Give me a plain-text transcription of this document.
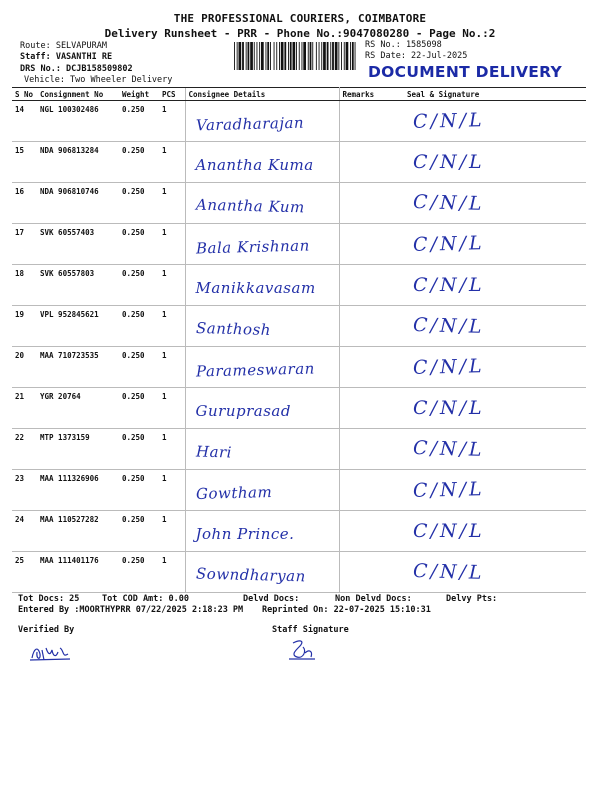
THE PROFESSIONAL COURIERS, COIMBATORE
Delivery Runsheet - PRR - Phone No.:9047080280 - Page No.:2
Route: SELVAPURAM
Staff: VASANTHI RE
DRS No.: DCJB158509802
Vehicle: Two Wheeler Delivery
RS No.: 1585098
RS Date: 22-Jul-2025
DOCUMENT DELIVERY
S No	Consignment No	Weight	PCS	Consignee Details	Remarks	Seal & Signature
14	NGL 100302486	0.250	1	Varadharajan		C/N/L

15	NDA 906813284	0.250	1	Anantha Kuma		C/N/L

16	NDA 906810746	0.250	1	Anantha Kum		C/N/L

17	SVK 60557403	0.250	1	Bala Krishnan		C/N/L

18	SVK 60557803	0.250	1	Manikkavasam		C/N/L

19	VPL 952845621	0.250	1	Santhosh		C/N/L

20	MAA 710723535	0.250	1	Parameswaran		C/N/L

21	YGR 20764	0.250	1	Guruprasad		C/N/L

22	MTP 1373159	0.250	1	Hari		C/N/L

23	MAA 111326906	0.250	1	Gowtham		C/N/L

24	MAA 110527282	0.250	1	John Prince.		C/N/L

25	MAA 111401176	0.250	1	Sowndharyan		C/N/L
Tot Docs: 25	Tot COD Amt: 0.00	Delvd Docs:	Non Delvd Docs:	Delvy Pts:
Entered By :MOORTHYPRR 07/22/2025 2:18:23 PM Reprinted On: 22-07-2025 15:10:31
Verified By	Staff Signature
